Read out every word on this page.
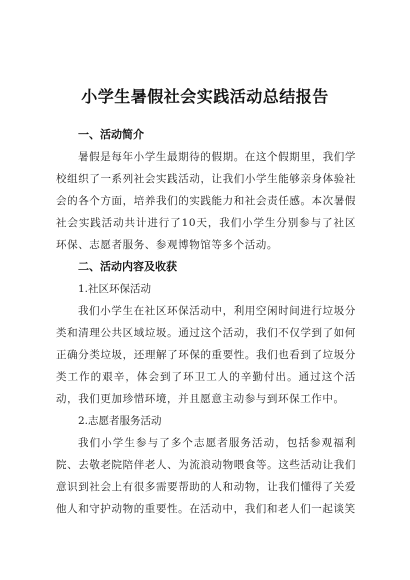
小学生暑假社会实践活动总结报告
一、活动简介

暑假是每年小学生最期待的假期。在这个假期里，我们学校组织了一系列社会实践活动，让我们小学生能够亲身体验社会的各个方面，培养我们的实践能力和社会责任感。本次暑假社会实践活动共计进行了10天，我们小学生分别参与了社区环保、志愿者服务、参观博物馆等多个活动。

二、活动内容及收获
1.社区环保活动

我们小学生在社区环保活动中，利用空闲时间进行垃圾分类和清理公共区域垃圾。通过这个活动，我们不仅学到了如何正确分类垃圾，还理解了环保的重要性。我们也看到了垃圾分类工作的艰辛，体会到了环卫工人的辛勤付出。通过这个活动，我们更加珍惜环境，并且愿意主动参与到环保工作中。

2.志愿者服务活动

我们小学生参与了多个志愿者服务活动，包括参观福利院、去敬老院陪伴老人、为流浪动物喂食等。这些活动让我们意识到社会上有很多需要帮助的人和动物，让我们懂得了关爱他人和守护动物的重要性。在活动中，我们和老人们一起谈笑
